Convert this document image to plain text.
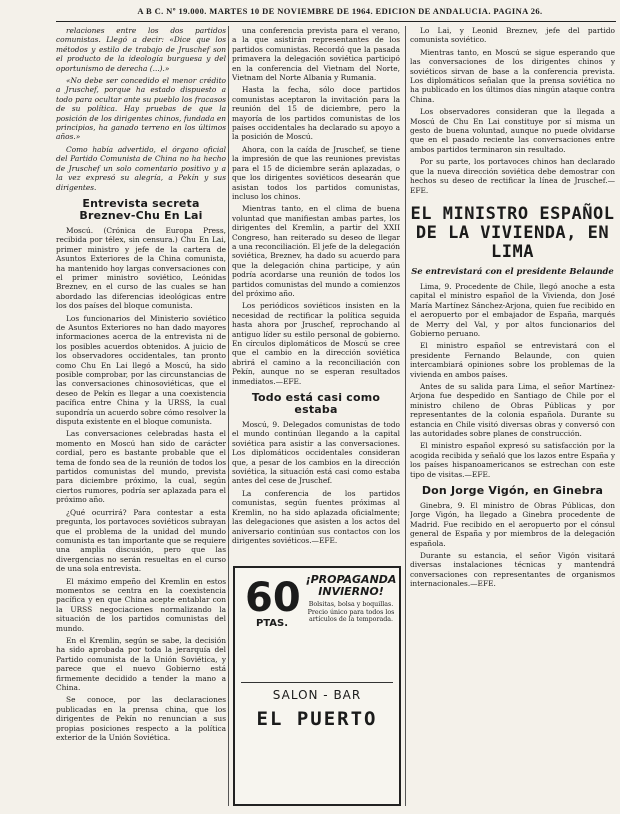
A B C. Nº 19.000. MARTES 10 DE NOVIEMBRE DE 1964. EDICION DE ANDALUCIA. PAGINA 26.

relaciones entre los dos partidos comunistas. Llegó a decir: «Dice que los métodos y estilo de trabajo de Jruschef son el producto de la ideología burguesa y del oportunismo de derecha (...).»

«No debe ser concedido el menor crédito a Jruschef, porque ha estado dispuesto a todo para ocultar ante su pueblo los fracasos de su política. Hay pruebas de que la posición de los dirigentes chinos, fundada en principios, ha ganado terreno en los últimos años.»

Como había advertido, el órgano oficial del Partido Comunista de China no ha hecho de Jruschef un solo comentario positivo y a la vez expresó su alegría, a Pekín y sus dirigentes.

Entrevista secreta Breznev-Chu En Lai

Moscú. (Crónica de Europa Press, recibida por télex, sin censura.) Chu En Lai, primer ministro y jefe de la cartera de Asuntos Exteriores de la China comunista, ha mantenido hoy largas conversaciones con el primer ministro soviético, Leónidas Breznev, en el curso de las cuales se han abordado las diferencias ideológicas entre los dos países del bloque comunista.

Los funcionarios del Ministerio soviético de Asuntos Exteriores no han dado mayores informaciones acerca de la entrevista ni de los posibles acuerdos obtenidos. A juicio de los observadores occidentales, tan pronto como Chu En Lai llegó a Moscú, ha sido posible comprobar, por las circunstancias de las conversaciones chinosoviéticas, que el deseo de Pekín es llegar a una coexistencia pacífica entre China y la URSS, la cual supondría un acuerdo sobre cómo resolver la disputa existente en el bloque comunista.

Las conversaciones celebradas hasta el momento en Moscú han sido de carácter cordial, pero es bastante probable que el tema de fondo sea de la reunión de todos los partidos comunistas del mundo, prevista para diciembre próximo, la cual, según ciertos rumores, podría ser aplazada para el próximo año.

¿Qué ocurrirá? Para contestar a esta pregunta, los portavoces soviéticos subrayan que el problema de la unidad del mundo comunista es tan importante que se requiere una amplia discusión, pero que las divergencias no serán resueltas en el curso de una sola entrevista.

El máximo empeño del Kremlin en estos momentos se centra en la coexistencia pacífica y en que China acepte entablar con la URSS negociaciones normalizando la situación de los partidos comunistas del mundo.

En el Kremlin, según se sabe, la decisión ha sido aprobada por toda la jerarquía del Partido comunista de la Unión Soviética, y parece que el nuevo Gobierno está firmemente decidido a tender la mano a China.

Se conoce, por las declaraciones publicadas en la prensa china, que los dirigentes de Pekín no renuncian a sus propias posiciones respecto a la política exterior de la Unión Soviética.

una conferencia prevista para el verano, a la que asistirán representantes de los partidos comunistas. Recordó que la pasada primavera la delegación soviética participó en la conferencia del Vietnam del Norte, Vietnam del Norte Albania y Rumania.

Hasta la fecha, sólo doce partidos comunistas aceptaron la invitación para la reunión del 15 de diciembre, pero la mayoría de los partidos comunistas de los países occidentales ha declarado su apoyo a la posición de Moscú.

Ahora, con la caída de Jruschef, se tiene la impresión de que las reuniones previstas para el 15 de diciembre serán aplazadas, o que los dirigentes soviéticos desearán que asistan todos los partidos comunistas, incluso los chinos.

Mientras tanto, en el clima de buena voluntad que manifiestan ambas partes, los dirigentes del Kremlin, a partir del XXII Congreso, han reiterado su deseo de llegar a una reconciliación. El jefe de la delegación soviética, Breznev, ha dado su acuerdo para que la delegación china participe, y aún podría acordarse una reunión de todos los partidos comunistas del mundo a comienzos del próximo año.

Los periódicos soviéticos insisten en la necesidad de rectificar la política seguida hasta ahora por Jruschef, reprochando al antiguo líder su estilo personal de gobierno. En círculos diplomáticos de Moscú se cree que el cambio en la dirección soviética abrirá el camino a la reconciliación con Pekín, aunque no se esperan resultados inmediatos.—EFE.

Todo está casi como estaba

Moscú, 9. Delegados comunistas de todo el mundo continúan llegando a la capital soviética para asistir a las conversaciones. Los diplomáticos occidentales consideran que, a pesar de los cambios en la dirección soviética, la situación está casi como estaba antes del cese de Jruschef.

La conferencia de los partidos comunistas, según fuentes próximas al Kremlin, no ha sido aplazada oficialmente; las delegaciones que asisten a los actos del aniversario continúan sus contactos con los dirigentes soviéticos.—EFE.

60
PTAS.
¡PROPAGANDA INVIERNO!
Bolsitas, bolsa y boquillas. Precio único para todos los artículos de la temporada.
SALON - BAR
EL PUERTO

Lo Lai, y Leonid Breznev, jefe del partido comunista soviético.

Mientras tanto, en Moscú se sigue esperando que las conversaciones de los dirigentes chinos y soviéticos sirvan de base a la conferencia prevista. Los diplomáticos señalan que la prensa soviética no ha publicado en los últimos días ningún ataque contra China.

Los observadores consideran que la llegada a Moscú de Chu En Lai constituye por sí misma un gesto de buena voluntad, aunque no puede olvidarse que en el pasado reciente las conversaciones entre ambos partidos terminaron sin resultado.

Por su parte, los portavoces chinos han declarado que la nueva dirección soviética debe demostrar con hechos su deseo de rectificar la línea de Jruschef.—EFE.

EL MINISTRO ESPAÑOL DE LA VIVIENDA, EN LIMA
Se entrevistará con el presidente Belaunde

Lima, 9. Procedente de Chile, llegó anoche a esta capital el ministro español de la Vivienda, don José María Martínez Sánchez-Arjona, quien fue recibido en el aeropuerto por el embajador de España, marqués de Merry del Val, y por altos funcionarios del Gobierno peruano.

El ministro español se entrevistará con el presidente Fernando Belaunde, con quien intercambiará opiniones sobre los problemas de la vivienda en ambos países.

Antes de su salida para Lima, el señor Martínez-Arjona fue despedido en Santiago de Chile por el ministro chileno de Obras Públicas y por representantes de la colonia española. Durante su estancia en Chile visitó diversas obras y conversó con las autoridades sobre planes de construcción.

El ministro español expresó su satisfacción por la acogida recibida y señaló que los lazos entre España y los países hispanoamericanos se estrechan con este tipo de visitas.—EFE.

Don Jorge Vigón, en Ginebra

Ginebra, 9. El ministro de Obras Públicas, don Jorge Vigón, ha llegado a Ginebra procedente de Madrid. Fue recibido en el aeropuerto por el cónsul general de España y por miembros de la delegación española.

Durante su estancia, el señor Vigón visitará diversas instalaciones técnicas y mantendrá conversaciones con representantes de organismos internacionales.—EFE.
